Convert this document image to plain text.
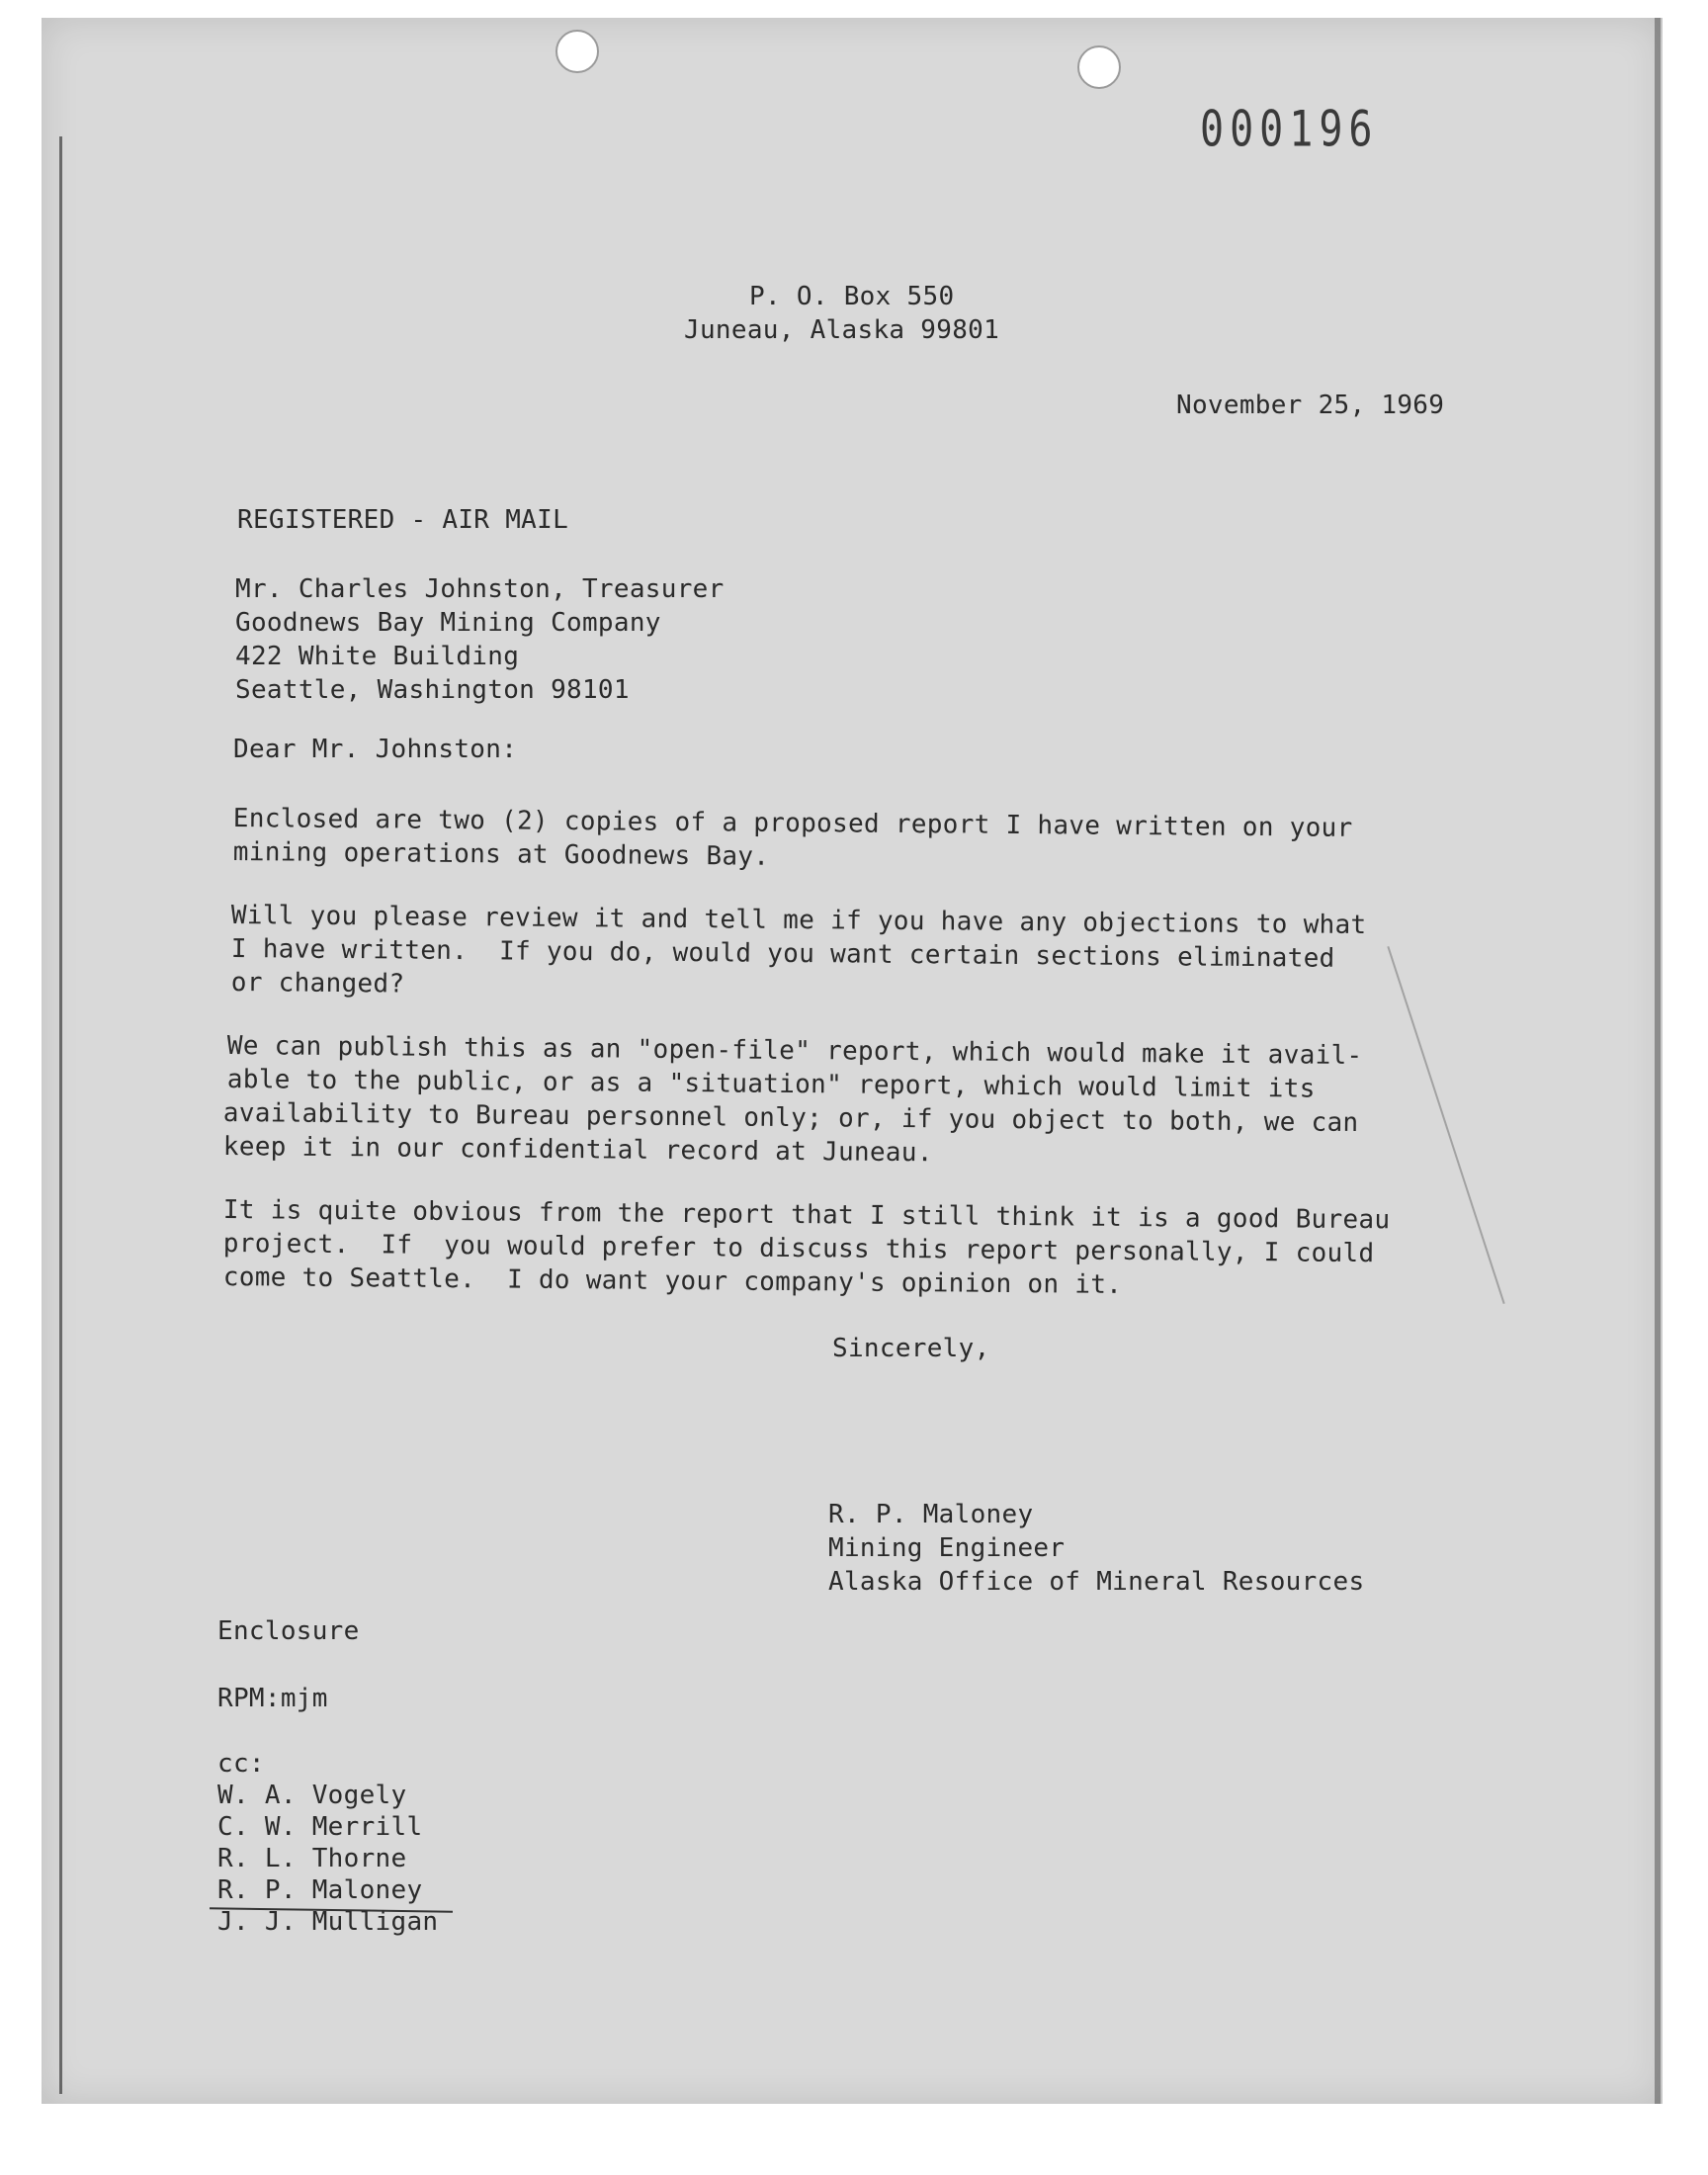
000196
P. O. Box 550
Juneau, Alaska 99801
November 25, 1969
REGISTERED - AIR MAIL
Mr. Charles Johnston, Treasurer
Goodnews Bay Mining Company
422 White Building
Seattle, Washington 98101
Dear Mr. Johnston:
Enclosed are two (2) copies of a proposed report I have written on your
mining operations at Goodnews Bay.
Will you please review it and tell me if you have any objections to what
I have written.  If you do, would you want certain sections eliminated
or changed?
We can publish this as an "open-file" report, which would make it avail-
able to the public, or as a "situation" report, which would limit its
availability to Bureau personnel only; or, if you object to both, we can
keep it in our confidential record at Juneau.
It is quite obvious from the report that I still think it is a good Bureau
project.  If  you would prefer to discuss this report personally, I could
come to Seattle.  I do want your company's opinion on it.
Sincerely,
R. P. Maloney
Mining Engineer
Alaska Office of Mineral Resources
Enclosure
RPM:mjm
cc:
W. A. Vogely
C. W. Merrill
R. L. Thorne
R. P. Maloney
J. J. Mulligan
